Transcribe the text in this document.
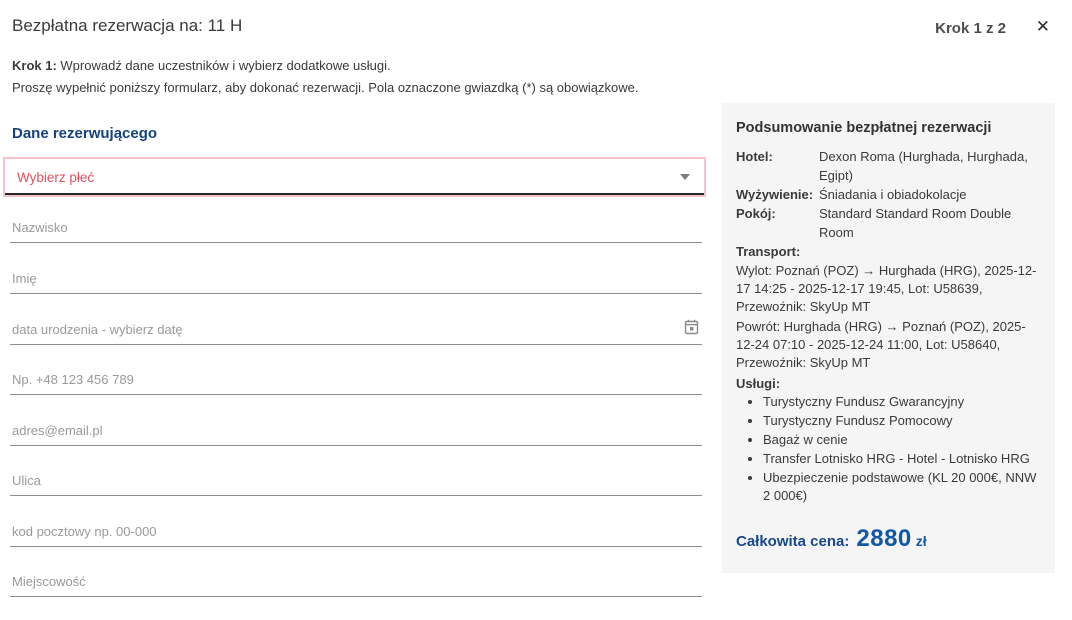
Bezpłatna rezerwacja na: 11 H	Krok 1 z 2 ✕
Krok 1: Wprowadź dane uczestników i wybierz dodatkowe usługi.
Proszę wypełnić poniższy formularz, aby dokonać rezerwacji. Pola oznaczone gwiazdką (*) są obowiązkowe.
Dane rezerwującego
Wybierz płeć
Nazwisko
Imię
data urodzenia - wybierz datę
Np. +48 123 456 789
adres@email.pl
Ulica
kod pocztowy np. 00-000
Miejscowość
Podsumowanie bezpłatnej rezerwacji
Hotel:	Dexon Roma (Hurghada, Hurghada, Egipt)
Wyżywienie: Śniadania i obiadokolacje
Pokój:	Standard Standard Room Double Room
Transport:
Wylot: Poznań (POZ) → Hurghada (HRG), 2025-12-17 14:25 - 2025-12-17 19:45, Lot: U58639, Przewoźnik: SkyUp MT
Powrót: Hurghada (HRG) → Poznań (POZ), 2025-12-24 07:10 - 2025-12-24 11:00, Lot: U58640, Przewoźnik: SkyUp MT
Usługi:
• Turystyczny Fundusz Gwarancyjny
• Turystyczny Fundusz Pomocowy
• Bagaż w cenie
• Transfer Lotnisko HRG - Hotel - Lotnisko HRG
• Ubezpieczenie podstawowe (KL 20 000€, NNW 2 000€)
Całkowita cena: 2880 zł
